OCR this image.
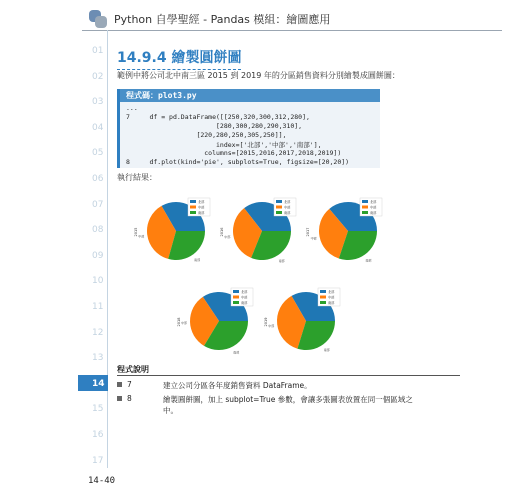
Python 自學聖經 - Pandas 模組：繪圖應用
01
02
03
04
05
06
07
08
09
10
11
12
13
14
15
16
17
14.9.4 繪製圓餅圖
範例中將公司北中南三區 2015 到 2019 年的分區銷售資料分別繪製成圓餅圖：
程式碼：plot3.py
...
7     df = pd.DataFrame([[250,320,300,312,280],
[280,300,280,290,310],
[220,280,250,305,250]],
index=['北部','中部','南部'],
columns=[2015,2016,2017,2018,2019])
8     df.plot(kind='pie', subplots=True, figsize=[20,20])
執行結果：
中部
南部
2015
北部
中部
南部
中部
南部
2016
北部
中部
南部
中部
南部
2017
北部
中部
南部
中部
南部
2018
北部
中部
南部
中部
南部
2019
北部
中部
南部
程式說明
7	建立公司分區各年度銷售資料 DataFrame。
8	繪製圓餅圖，加上 subplot=True 參數，會讓多張圖表放置在同一個區域之中。
14-40
